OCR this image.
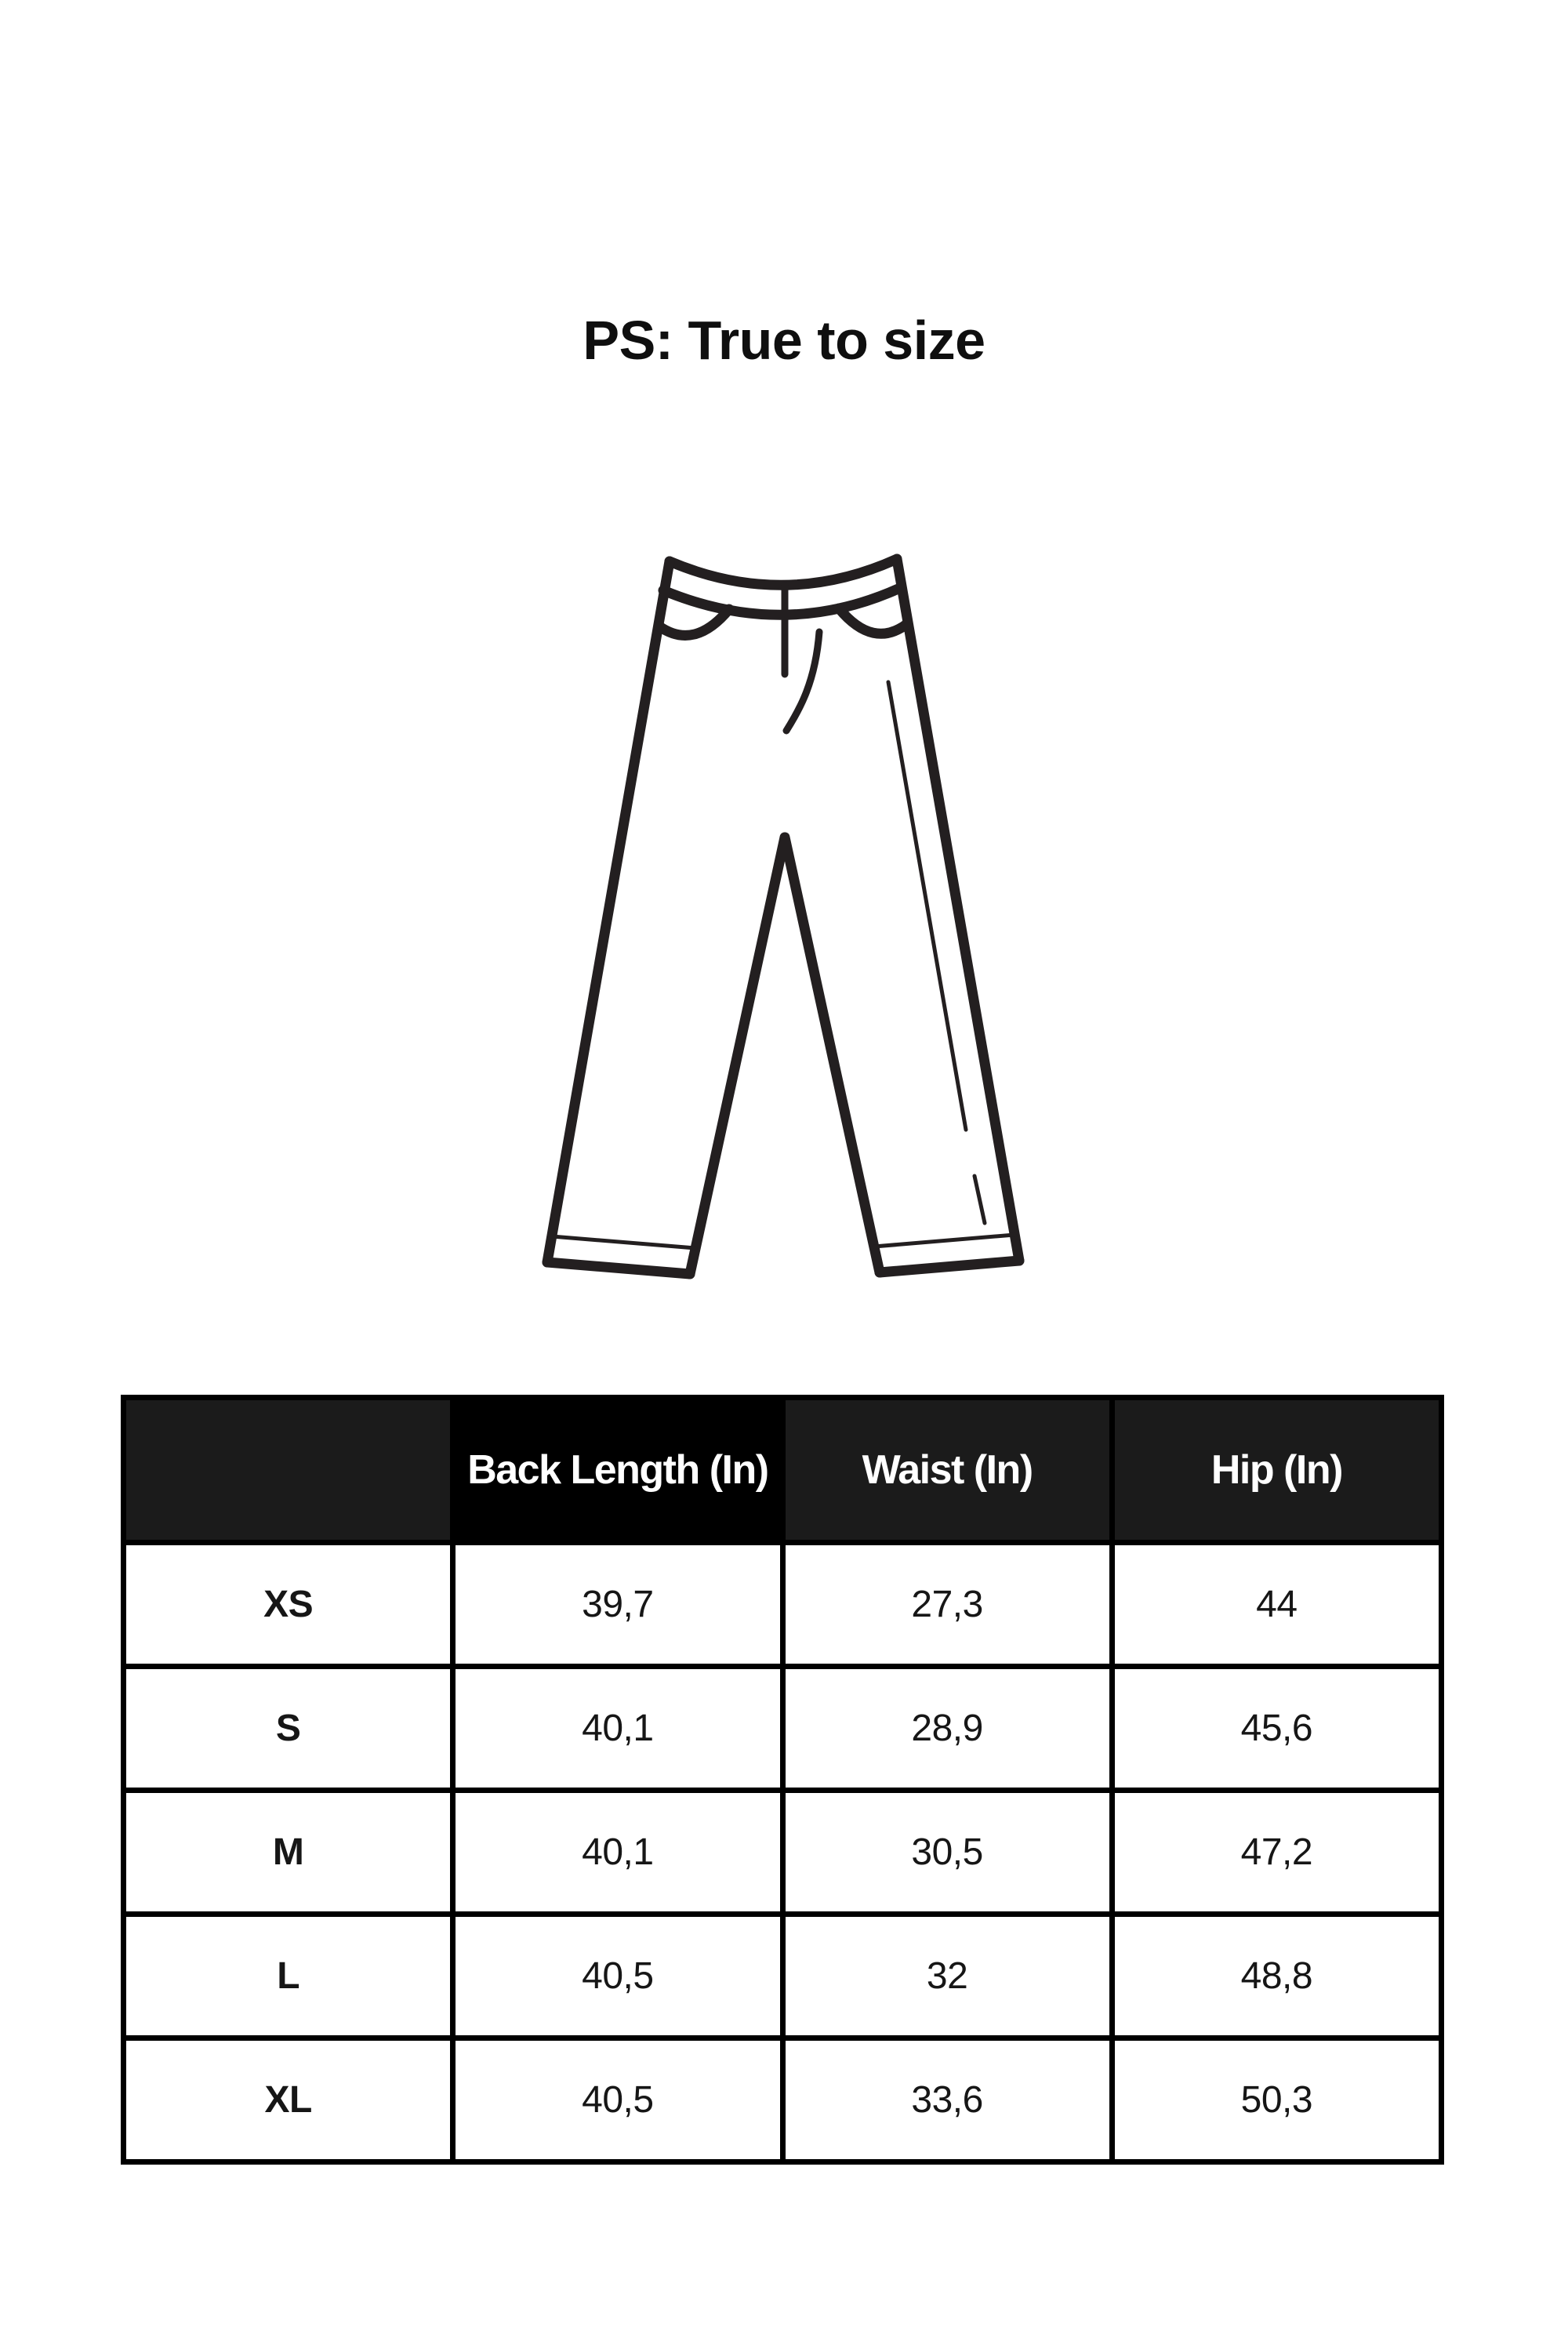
PS: True to size
	Back Length (In)	Waist (In)	Hip (In)
XS	39,7	27,3	44
S	40,1	28,9	45,6
M	40,1	30,5	47,2
L	40,5	32	48,8
XL	40,5	33,6	50,3
